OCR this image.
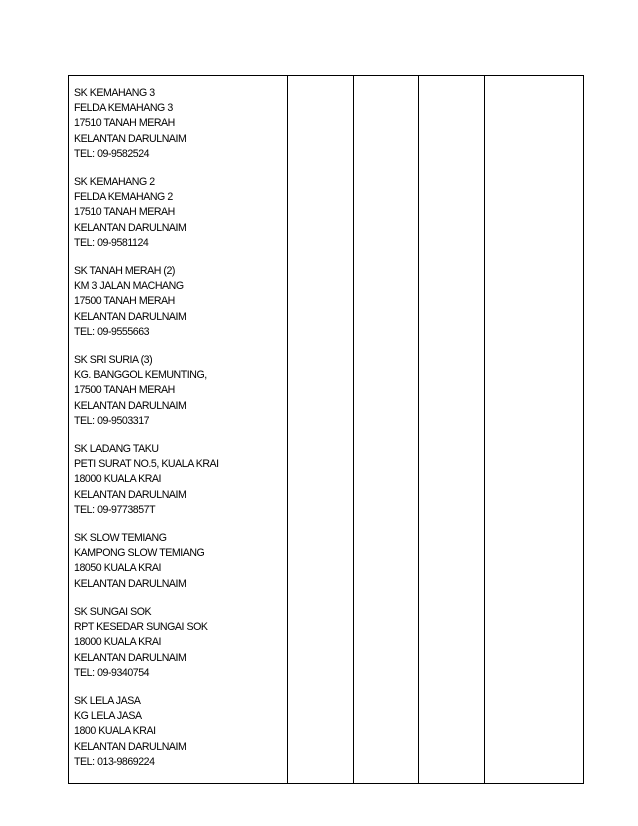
SK KEMAHANG 3
FELDA KEMAHANG 3
17510 TANAH MERAH
KELANTAN DARULNAIM
TEL: 09-9582524
SK KEMAHANG 2
FELDA KEMAHANG 2
17510 TANAH MERAH
KELANTAN DARULNAIM
TEL: 09-9581124
SK TANAH MERAH (2)
KM 3 JALAN MACHANG
17500 TANAH MERAH
KELANTAN DARULNAIM
TEL: 09-9555663
SK SRI SURIA (3)
KG. BANGGOL KEMUNTING,
17500 TANAH MERAH
KELANTAN DARULNAIM
TEL: 09-9503317
SK LADANG TAKU
PETI SURAT NO.5, KUALA KRAI
18000 KUALA KRAI
KELANTAN DARULNAIM
TEL: 09-9773857T
SK SLOW TEMIANG
KAMPONG SLOW TEMIANG
18050 KUALA KRAI
KELANTAN DARULNAIM
SK SUNGAI SOK
RPT KESEDAR SUNGAI SOK
18000 KUALA KRAI
KELANTAN DARULNAIM
TEL: 09-9340754
SK LELA JASA
KG LELA JASA
1800 KUALA KRAI
KELANTAN DARULNAIM
TEL: 013-9869224
